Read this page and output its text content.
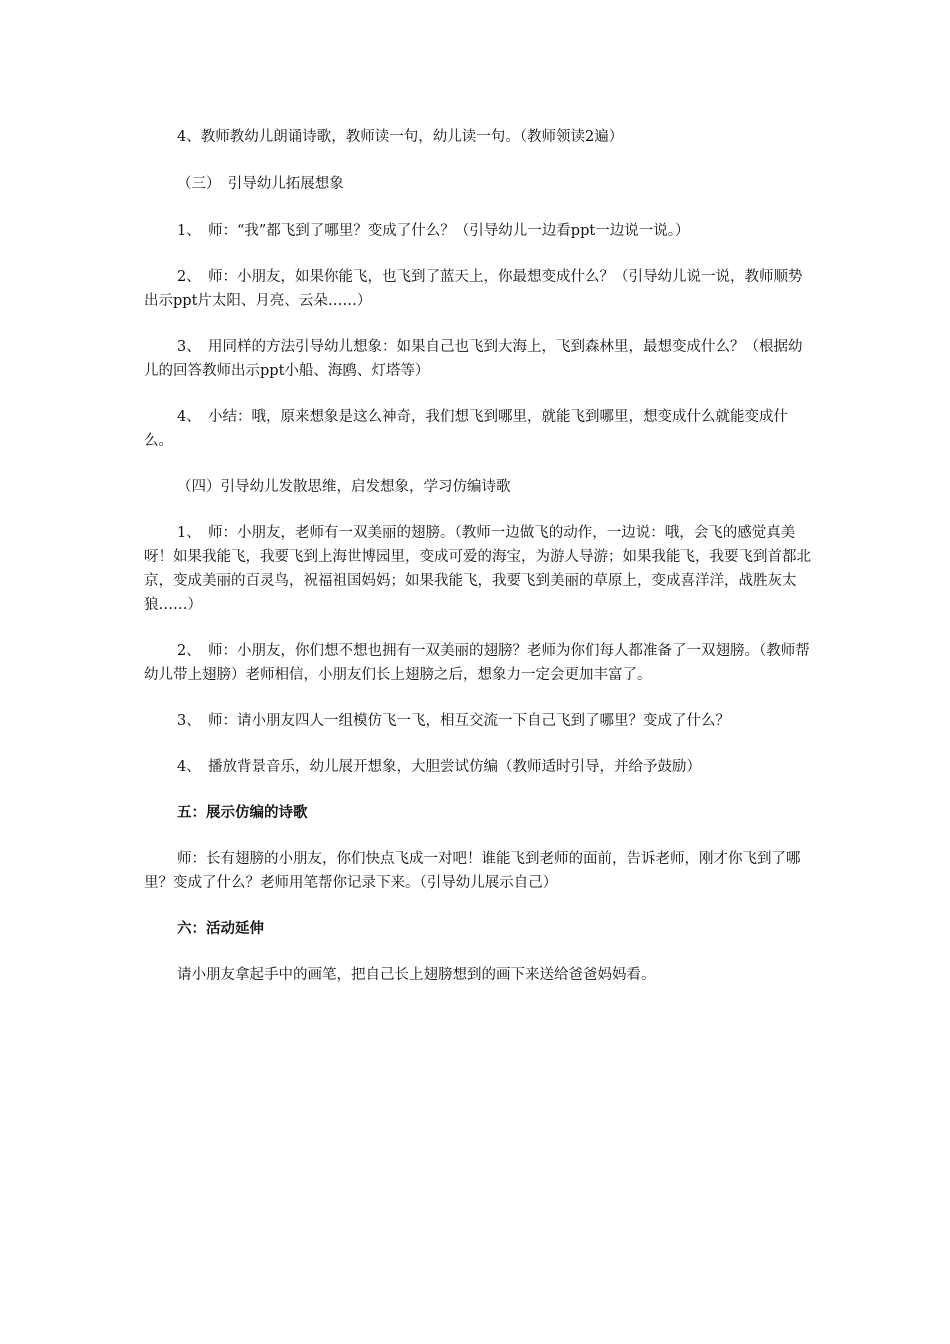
4、教师教幼儿朗诵诗歌，教师读一句，幼儿读一句。（教师领读2遍）

（三）　引导幼儿拓展想象

1、　师：“我”都飞到了哪里？变成了什么？（引导幼儿一边看ppt一边说一说。）

2、　师：小朋友，如果你能飞，也飞到了蓝天上，你最想变成什么？（引导幼儿说一说，教师顺势出示ppt片太阳、月亮、云朵……）

3、　用同样的方法引导幼儿想象：如果自己也飞到大海上，飞到森林里，最想变成什么？（根据幼儿的回答教师出示ppt小船、海鸥、灯塔等）

4、　小结：哦，原来想象是这么神奇，我们想飞到哪里，就能飞到哪里，想变成什么就能变成什么。

（四）引导幼儿发散思维，启发想象，学习仿编诗歌

1、　师：小朋友，老师有一双美丽的翅膀。（教师一边做飞的动作，一边说：哦，会飞的感觉真美呀！如果我能飞，我要飞到上海世博园里，变成可爱的海宝，为游人导游；如果我能飞，我要飞到首都北京，变成美丽的百灵鸟，祝福祖国妈妈；如果我能飞，我要飞到美丽的草原上，变成喜洋洋，战胜灰太狼……）

2、　师：小朋友，你们想不想也拥有一双美丽的翅膀？老师为你们每人都准备了一双翅膀。（教师帮幼儿带上翅膀）老师相信，小朋友们长上翅膀之后，想象力一定会更加丰富了。

3、　师：请小朋友四人一组模仿飞一飞，相互交流一下自己飞到了哪里？变成了什么？

4、　播放背景音乐，幼儿展开想象，大胆尝试仿编（教师适时引导，并给予鼓励）

五：展示仿编的诗歌

师：长有翅膀的小朋友，你们快点飞成一对吧！谁能飞到老师的面前，告诉老师，刚才你飞到了哪里？变成了什么？老师用笔帮你记录下来。（引导幼儿展示自己）

六：活动延伸

请小朋友拿起手中的画笔，把自己长上翅膀想到的画下来送给爸爸妈妈看。
